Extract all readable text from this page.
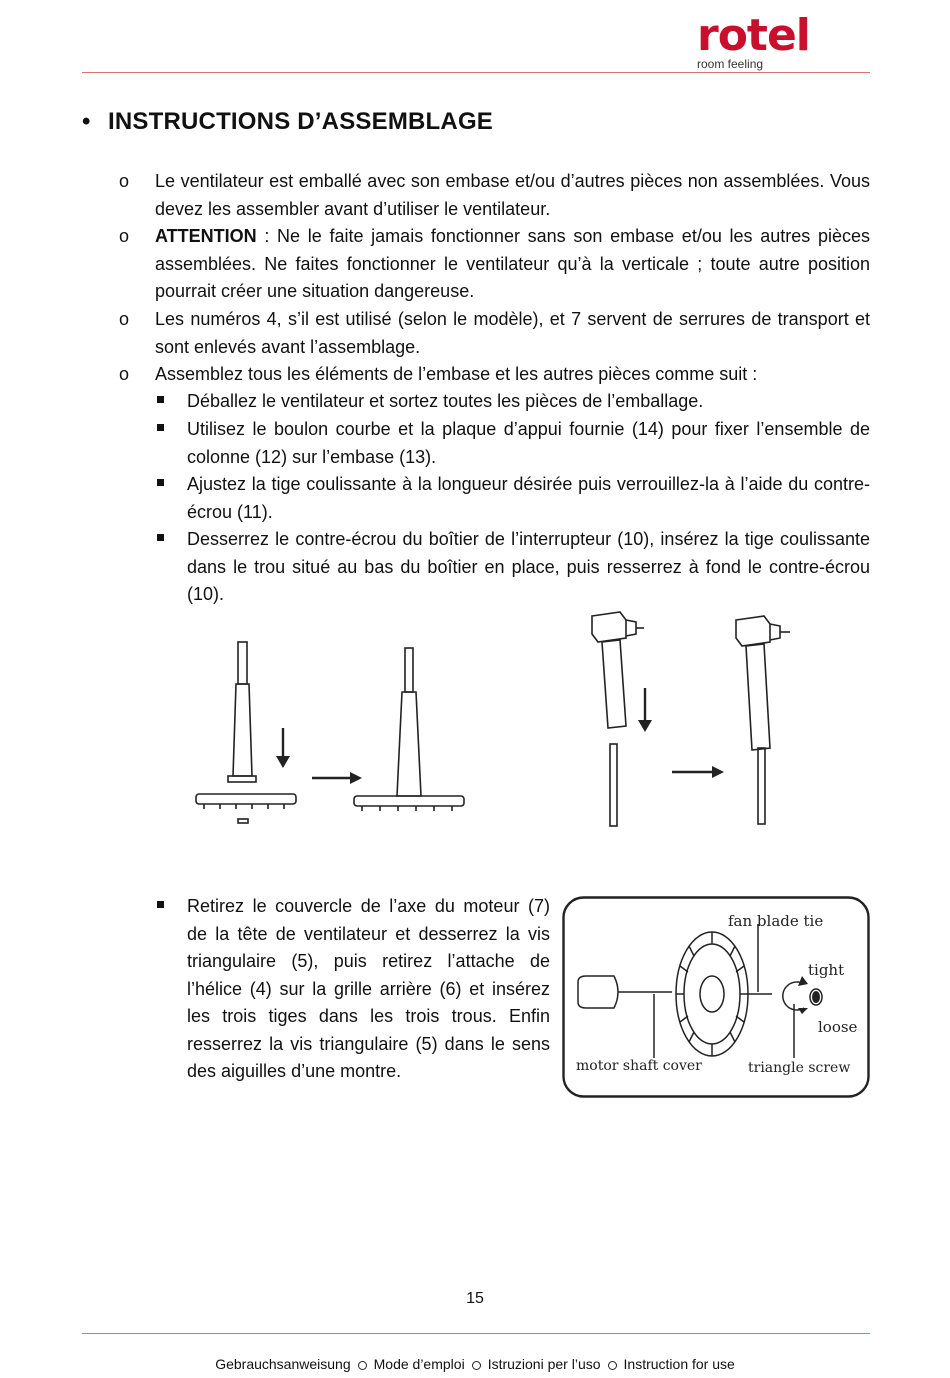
rotel
room feeling
• INSTRUCTIONS D’ASSEMBLAGE
o Le ventilateur est emballé avec son embase et/ou d’autres pièces non assemblées. Vous devez les assembler avant d’utiliser le ventilateur.
o ATTENTION : Ne le faite jamais fonctionner sans son embase et/ou les autres pièces assemblées. Ne faites fonctionner le ventilateur qu’à la verticale ; toute autre position pourrait créer une situation dangereuse.
o Les numéros 4, s’il est utilisé (selon le modèle), et 7 servent de serrures de transport et sont enlevés avant l’assemblage.
o Assemblez tous les éléments de l’embase et les autres pièces comme suit :
Déballez le ventilateur et sortez toutes les pièces de l’emballage.
Utilisez le boulon courbe et la plaque d’appui fournie (14) pour fixer l’ensemble de colonne (12) sur l’embase (13).
Ajustez la tige coulissante à la longueur désirée puis verrouillez-la à l’aide du contre-écrou (11).
Desserrez le contre-écrou du boîtier de l’interrupteur (10), insérez la tige coulissante dans le trou situé au bas du boîtier en place, puis resserrez à fond le contre-écrou (10).
Retirez le couvercle de l’axe du moteur (7) de la tête de ventilateur et desserrez la vis triangulaire (5), puis retirez l’attache de l’hélice (4) sur la grille arrière (6) et insérez les trois tiges dans les trois trous. Enfin resserrez la vis triangulaire (5) dans le sens des aiguilles d’une montre.
fan blade tie
tight
loose
motor shaft cover	triangle screw
15
Gebrauchsanweisung Mode d’emploi Istruzioni per l’uso Instruction for use
